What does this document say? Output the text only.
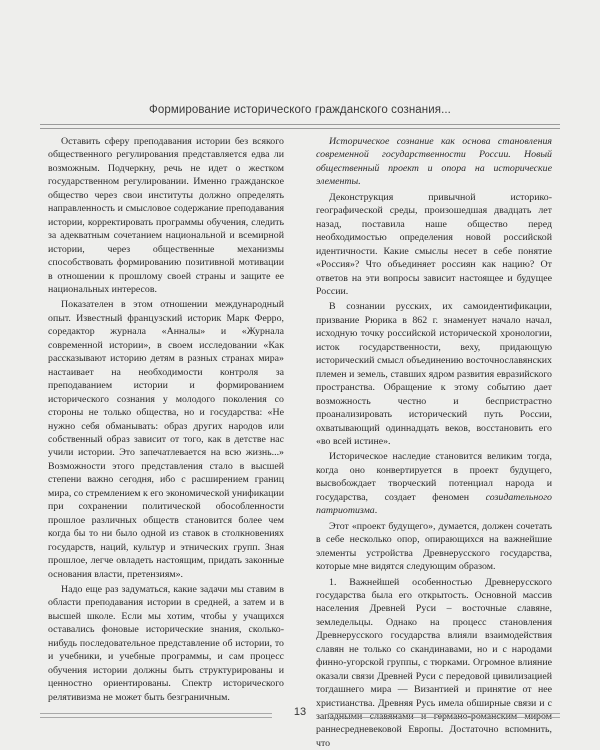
Формирование исторического гражданского сознания...

Оставить сферу преподавания истории без всякого общественного регулирования представляется едва ли возможным. Подчеркну, речь не идет о жестком государственном регулировании. Именно гражданское общество через свои институты должно определять направленность и смысловое содержание преподавания истории, корректировать программы обучения, следить за адекватным сочетанием национальной и всемирной истории, через общественные механизмы способствовать формированию позитивной мотивации в отношении к прошлому своей страны и защите ее национальных интересов.

Показателен в этом отношении международный опыт. Известный французский историк Марк Ферро, соредактор журнала «Анналы» и «Журнала современной истории», в своем исследовании «Как рассказывают историю детям в разных странах мира» настаивает на необходимости контроля за преподаванием истории и формированием исторического сознания у молодого поколения со стороны не только общества, но и государства: «Не нужно себя обманывать: образ других народов или собственный образ зависит от того, как в детстве нас учили истории. Это запечатлевается на всю жизнь...» Возможности этого представления стало в высшей степени важно сегодня, ибо с расширением границ мира, со стремлением к его экономической унификации при сохранении политической обособленности прошлое различных обществ становится более чем когда бы то ни было одной из ставок в столкновениях государств, наций, культур и этнических групп. Зная прошлое, легче овладеть настоящим, придать законные основания власти, претензиям».

Надо еще раз задуматься, какие задачи мы ставим в области преподавания истории в средней, а затем и в высшей школе. Если мы хотим, чтобы у учащихся оставались фоновые исторические знания, сколько-нибудь последовательное представление об истории, то и учебники, и учебные программы, и сам процесс обучения истории должны быть структурированы и ценностно ориентированы. Спектр исторического релятивизма не может быть безграничным.

Историческое сознание как основа становления современной государственности России. Новый общественный проект и опора на исторические элементы.

Деконструкция привычной историко-географической среды, произошедшая двадцать лет назад, поставила наше общество перед необходимостью определения новой российской идентичности. Какие смыслы несет в себе понятие «Россия»? Что объединяет россиян как нацию? От ответов на эти вопросы зависит настоящее и будущее России.

В сознании русских, их самоидентификации, призвание Рюрика в 862 г. знаменует начало начал, исходную точку российской исторической хронологии, исток государственности, веху, придающую исторический смысл объединению восточнославянских племен и земель, ставших ядром развития евразийского пространства. Обращение к этому событию дает возможность честно и беспристрастно проанализировать исторический путь России, охватывающий одиннадцать веков, восстановить его «во всей истине».

Историческое наследие становится великим тогда, когда оно конвертируется в проект будущего, высвобождает творческий потенциал народа и государства, создает феномен созидательного патриотизма.

Этот «проект будущего», думается, должен сочетать в себе несколько опор, опирающихся на важнейшие элементы устройства Древнерусского государства, которые мне видятся следующим образом.

1. Важнейшей особенностью Древнерусского государства была его открытость. Основной массив населения Древней Руси – восточные славяне, земледельцы. Однако на процесс становления Древнерусского государства влияли взаимодействия славян не только со скандинавами, но и с народами финно-угорской группы, с тюрками. Огромное влияние оказали связи Древней Руси с передовой цивилизацией тогдашнего мира — Византией и принятие от нее христианства. Древняя Русь имела обширные связи и с западными славянами и германо-романским миром раннесредневековой Европы. Достаточно вспомнить, что

13
